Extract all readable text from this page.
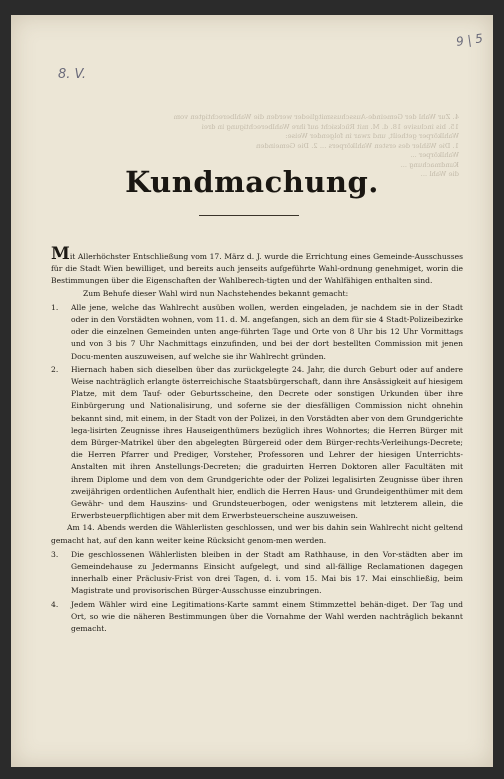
8. V.
9 | 5
4. Zur Wahl der Gemeinde-Ausschussmitglieder werden die Wahlberechtigten vom
15. bis inclusive 18. d. M. mit Rücksicht auf ihre Wahlberechtigung in drei
Wahlkörper getheilt, und zwar in folgender Weise:
1. Die Wähler des ersten Wahlkörpers ... 2. Die Gemeinden
Wahlkörper ...
Kundmachung ...
die Wahl ...
Kundmachung.

Mit Allerhöchster Entschließung vom 17. März d. J. wurde die Errichtung eines Gemeinde-Ausschusses für die Stadt Wien bewilliget, und bereits auch jenseits aufgeführte Wahl-ordnung genehmiget, worin die Bestimmungen über die Eigenschaften der Wahlberech-tigten und der Wahlfähigen enthalten sind.

Zum Behufe dieser Wahl wird nun Nachstehendes bekannt gemacht:

1. Alle jene, welche das Wahlrecht ausüben wollen, werden eingeladen, je nachdem sie in der Stadt oder in den Vorstädten wohnen, vom 11. d. M. angefangen, sich an dem für sie 4 Stadt-Polizeibezirke oder die einzelnen Gemeinden unten ange-führten Tage und Orte von 8 Uhr bis 12 Uhr Vormittags und von 3 bis 7 Uhr Nachmittags einzufinden, und bei der dort bestellten Commission mit jenen Docu-menten auszuweisen, auf welche sie ihr Wahlrecht gründen.
2. Hiernach haben sich dieselben über das zurückgelegte 24. Jahr, die durch Geburt oder auf andere Weise nachträglich erlangte österreichische Staatsbürgerschaft, dann ihre Ansässigkeit auf hiesigem Platze, mit dem Tauf- oder Geburtsscheine, den Decrete oder sonstigen Urkunden über ihre Einbürgerung und Nationalisirung, und soferne sie der diesfälligen Commission nicht ohnehin bekannt sind, mit einem, in der Stadt von der Polizei, in den Vorstädten aber von dem Grundgerichte lega-lisirten Zeugnisse ihres Hauseigenthümers bezüglich ihres Wohnortes; die Herren Bürger mit dem Bürger-Matrikel über den abgelegten Bürgereid oder dem Bürger-rechts-Verleihungs-Decrete; die Herren Pfarrer und Prediger, Vorsteher, Professoren und Lehrer der hiesigen Unterrichts-Anstalten mit ihren Anstellungs-Decreten; die graduirten Herren Doktoren aller Facultäten mit ihrem Diplome und dem von dem Grundgerichte oder der Polizei legalisirten Zeugnisse über ihren zweijährigen ordentlichen Aufenthalt hier, endlich die Herren Haus- und Grundeigenthümer mit dem Gewähr- und dem Hauszins- und Grundsteuerbogen, oder wenigstens mit letzterem allein, die Erwerbsteuerpflichtigen aber mit dem Erwerbsteuerscheine auszuweisen.

Am 14. Abends werden die Wählerlisten geschlossen, und wer bis dahin sein Wahlrecht nicht geltend gemacht hat, auf den kann weiter keine Rücksicht genom-men werden.

3. Die geschlossenen Wählerlisten bleiben in der Stadt am Rathhause, in den Vor-städten aber im Gemeindehause zu Jedermanns Einsicht aufgelegt, und sind all-fällige Reclamationen dagegen innerhalb einer Präclusiv-Frist von drei Tagen, d. i. vom 15. Mai bis 17. Mai einschließig, beim Magistrate und provisorischen Bürger-Ausschusse einzubringen.
4. Jedem Wähler wird eine Legitimations-Karte sammt einem Stimmzettel behän-diget. Der Tag und Ort, so wie die näheren Bestimmungen über die Vornahme der Wahl werden nachträglich bekannt gemacht.
